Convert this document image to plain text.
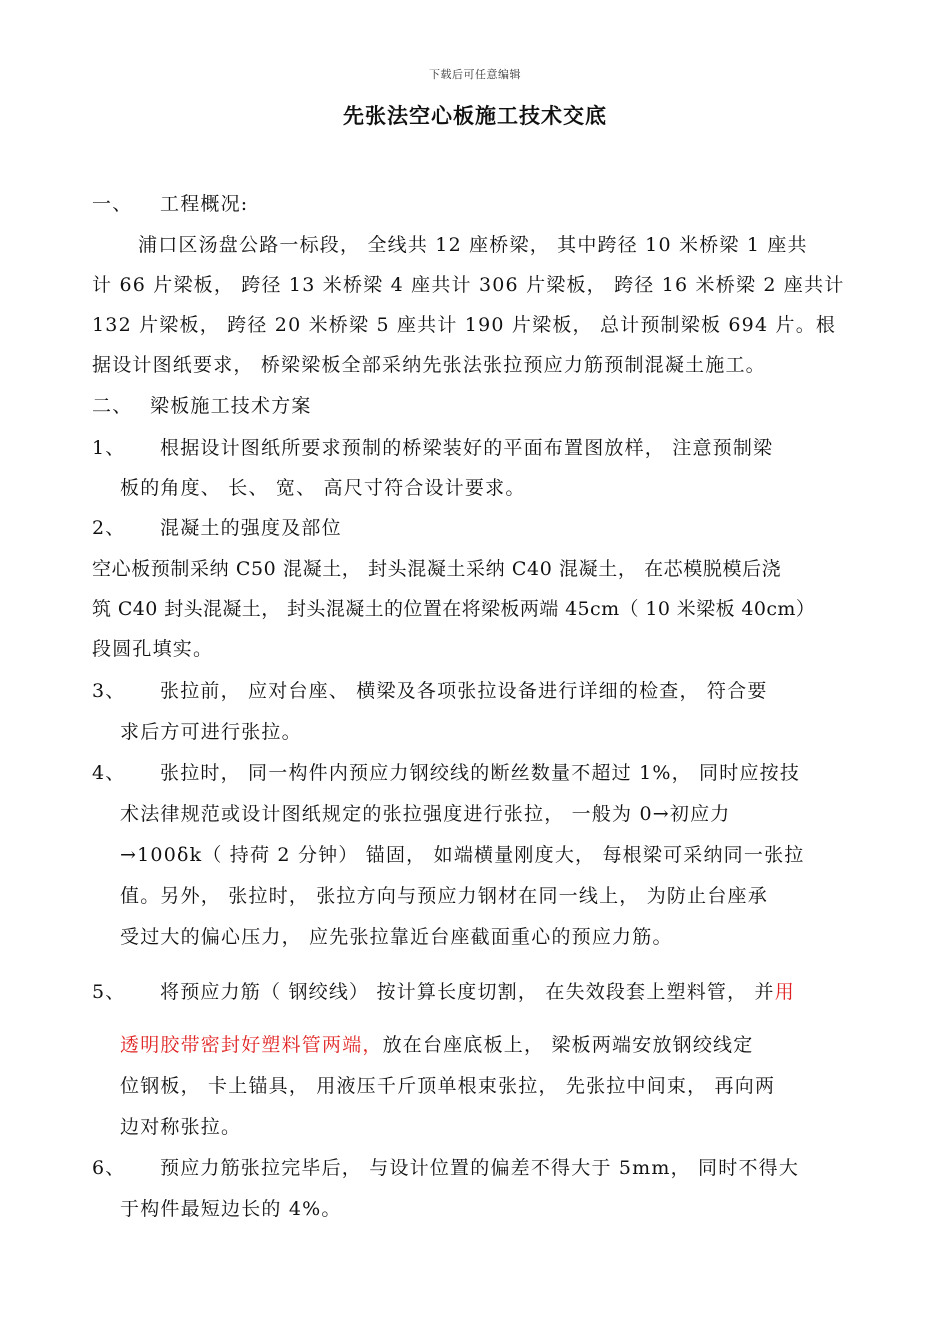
下载后可任意编辑
先张法空心板施工技术交底
一、 工程概况:
浦口区汤盘公路一标段， 全线共 12 座桥梁， 其中跨径 10 米桥梁 1 座共
计 66 片梁板， 跨径 13 米桥梁 4 座共计 306 片梁板， 跨径 16 米桥梁 2 座共计
132 片梁板， 跨径 20 米桥梁 5 座共计 190 片梁板， 总计预制梁板 694 片。根
据设计图纸要求， 桥梁梁板全部采纳先张法张拉预应力筋预制混凝土施工。
二、 梁板施工技术方案
1、 根据设计图纸所要求预制的桥梁装好的平面布置图放样， 注意预制梁
板的角度、 长、 宽、 高尺寸符合设计要求。
2、 混凝土的强度及部位
空心板预制采纳 C50 混凝土， 封头混凝土采纳 C40 混凝土， 在芯模脱模后浇
筑 C40 封头混凝土， 封头混凝土的位置在将梁板两端 45cm（ 10 米梁板 40cm）
段圆孔填实。
3、 张拉前， 应对台座、 横梁及各项张拉设备进行详细的检查， 符合要
求后方可进行张拉。
4、 张拉时， 同一构件内预应力钢绞线的断丝数量不超过 1%， 同时应按技
术法律规范或设计图纸规定的张拉强度进行张拉， 一般为 0→初应力
→100δk（ 持荷 2 分钟） 锚固， 如端横量刚度大， 每根梁可采纳同一张拉
值。另外， 张拉时， 张拉方向与预应力钢材在同一线上， 为防止台座承
受过大的偏心压力， 应先张拉靠近台座截面重心的预应力筋。
5、 将预应力筋（ 钢绞线） 按计算长度切割， 在失效段套上塑料管， 并用
透明胶带密封好塑料管两端，放在台座底板上， 梁板两端安放钢绞线定
位钢板， 卡上锚具， 用液压千斤顶单根束张拉， 先张拉中间束， 再向两
边对称张拉。
6、 预应力筋张拉完毕后， 与设计位置的偏差不得大于 5mm， 同时不得大
于构件最短边长的 4%。
